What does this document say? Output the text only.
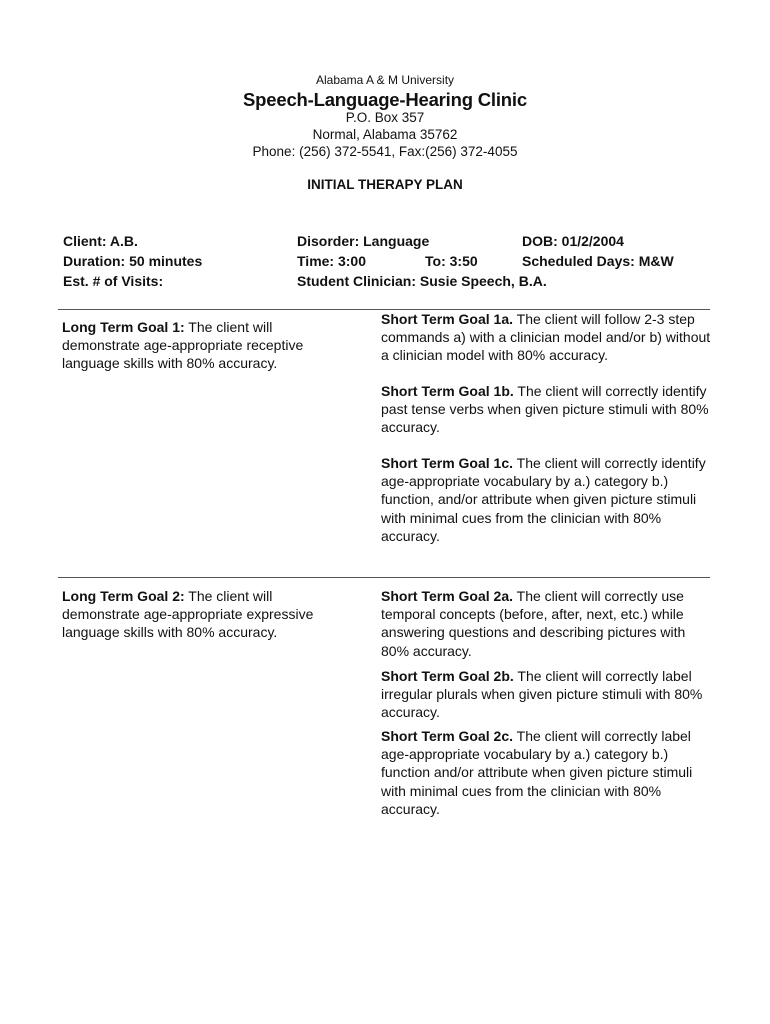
Alabama A & M University
Speech-Language-Hearing Clinic
P.O. Box 357
Normal, Alabama 35762
Phone: (256) 372-5541, Fax:(256) 372-4055
INITIAL THERAPY PLAN
Client: A.B.
Duration: 50 minutes
Est. # of Visits:
Disorder: Language
Time: 3:00	To: 3:50
Student Clinician: Susie Speech, B.A.
DOB: 01/2/2004
Scheduled Days: M&W
Long Term Goal 1: The client will demonstrate age-appropriate receptive language skills with 80% accuracy.
Short Term Goal 1a. The client will follow 2-3 step commands a) with a clinician model and/or b) without a clinician model with 80% accuracy.
Short Term Goal 1b. The client will correctly identify past tense verbs when given picture stimuli with 80% accuracy.
Short Term Goal 1c. The client will correctly identify age-appropriate vocabulary by a.) category b.) function, and/or attribute when given picture stimuli with minimal cues from the clinician with 80% accuracy.
Long Term Goal 2: The client will demonstrate age-appropriate expressive language skills with 80% accuracy.
Short Term Goal 2a. The client will correctly use temporal concepts (before, after, next, etc.) while answering questions and describing pictures with 80% accuracy.
Short Term Goal 2b. The client will correctly label irregular plurals when given picture stimuli with 80% accuracy.
Short Term Goal 2c. The client will correctly label age-appropriate vocabulary by a.) category b.) function and/or attribute when given picture stimuli with minimal cues from the clinician with 80% accuracy.
